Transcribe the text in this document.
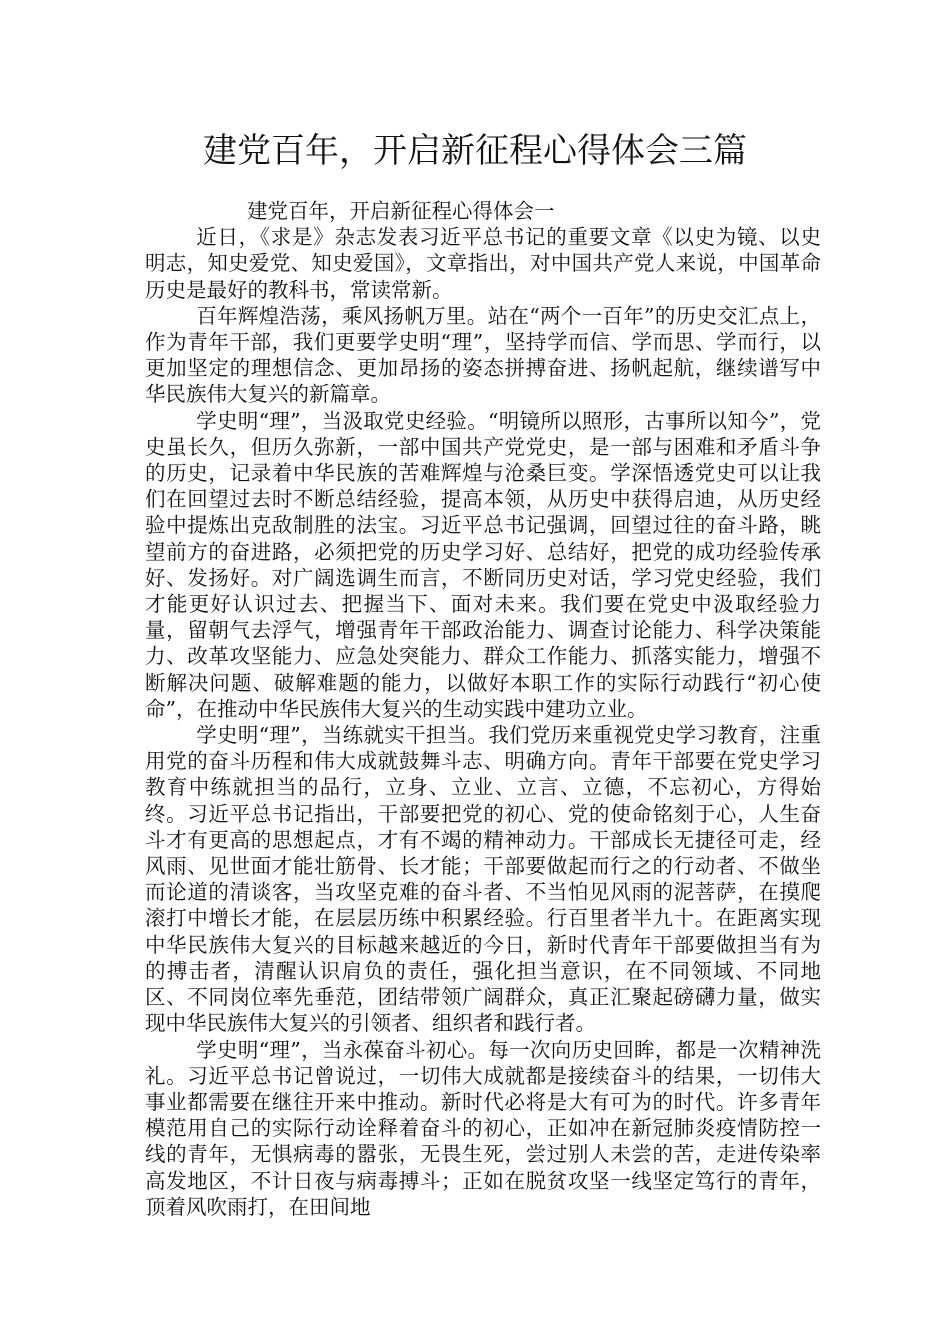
建党百年，开启新征程心得体会三篇
建党百年，开启新征程心得体会一

近日，《求是》杂志发表习近平总书记的重要文章《以史为镜、以史明志，知史爱党、知史爱国》，文章指出，对中国共产党人来说，中国革命历史是最好的教科书，常读常新。

百年辉煌浩荡，乘风扬帆万里。站在“两个一百年”的历史交汇点上，作为青年干部，我们更要学史明“理”，坚持学而信、学而思、学而行，以更加坚定的理想信念、更加昂扬的姿态拼搏奋进、扬帆起航，继续谱写中华民族伟大复兴的新篇章。

学史明“理”，当汲取党史经验。“明镜所以照形，古事所以知今”，党史虽长久，但历久弥新，一部中国共产党党史，是一部与困难和矛盾斗争的历史，记录着中华民族的苦难辉煌与沧桑巨变。学深悟透党史可以让我们在回望过去时不断总结经验，提高本领，从历史中获得启迪，从历史经验中提炼出克敌制胜的法宝。习近平总书记强调，回望过往的奋斗路，眺望前方的奋进路，必须把党的历史学习好、总结好，把党的成功经验传承好、发扬好。对广阔选调生而言，不断同历史对话，学习党史经验，我们才能更好认识过去、把握当下、面对未来。我们要在党史中汲取经验力量，留朝气去浮气，增强青年干部政治能力、调查讨论能力、科学决策能力、改革攻坚能力、应急处突能力、群众工作能力、抓落实能力，增强不断解决问题、破解难题的能力，以做好本职工作的实际行动践行“初心使命”，在推动中华民族伟大复兴的生动实践中建功立业。

学史明“理”，当练就实干担当。我们党历来重视党史学习教育，注重用党的奋斗历程和伟大成就鼓舞斗志、明确方向。青年干部要在党史学习教育中练就担当的品行，立身、立业、立言、立德，不忘初心，方得始终。习近平总书记指出，干部要把党的初心、党的使命铭刻于心，人生奋斗才有更高的思想起点，才有不竭的精神动力。干部成长无捷径可走，经风雨、见世面才能壮筋骨、长才能；干部要做起而行之的行动者、不做坐而论道的清谈客，当攻坚克难的奋斗者、不当怕见风雨的泥菩萨，在摸爬滚打中增长才能，在层层历练中积累经验。行百里者半九十。在距离实现中华民族伟大复兴的目标越来越近的今日，新时代青年干部要做担当有为的搏击者，清醒认识肩负的责任，强化担当意识，在不同领域、不同地区、不同岗位率先垂范，团结带领广阔群众，真正汇聚起磅礴力量，做实现中华民族伟大复兴的引领者、组织者和践行者。

学史明“理”，当永葆奋斗初心。每一次向历史回眸，都是一次精神洗礼。习近平总书记曾说过，一切伟大成就都是接续奋斗的结果，一切伟大事业都需要在继往开来中推动。新时代必将是大有可为的时代。许多青年模范用自己的实际行动诠释着奋斗的初心，正如冲在新冠肺炎疫情防控一线的青年，无惧病毒的嚣张，无畏生死，尝过别人未尝的苦，走进传染率高发地区，不计日夜与病毒搏斗；正如在脱贫攻坚一线坚定笃行的青年，顶着风吹雨打，在田间地
